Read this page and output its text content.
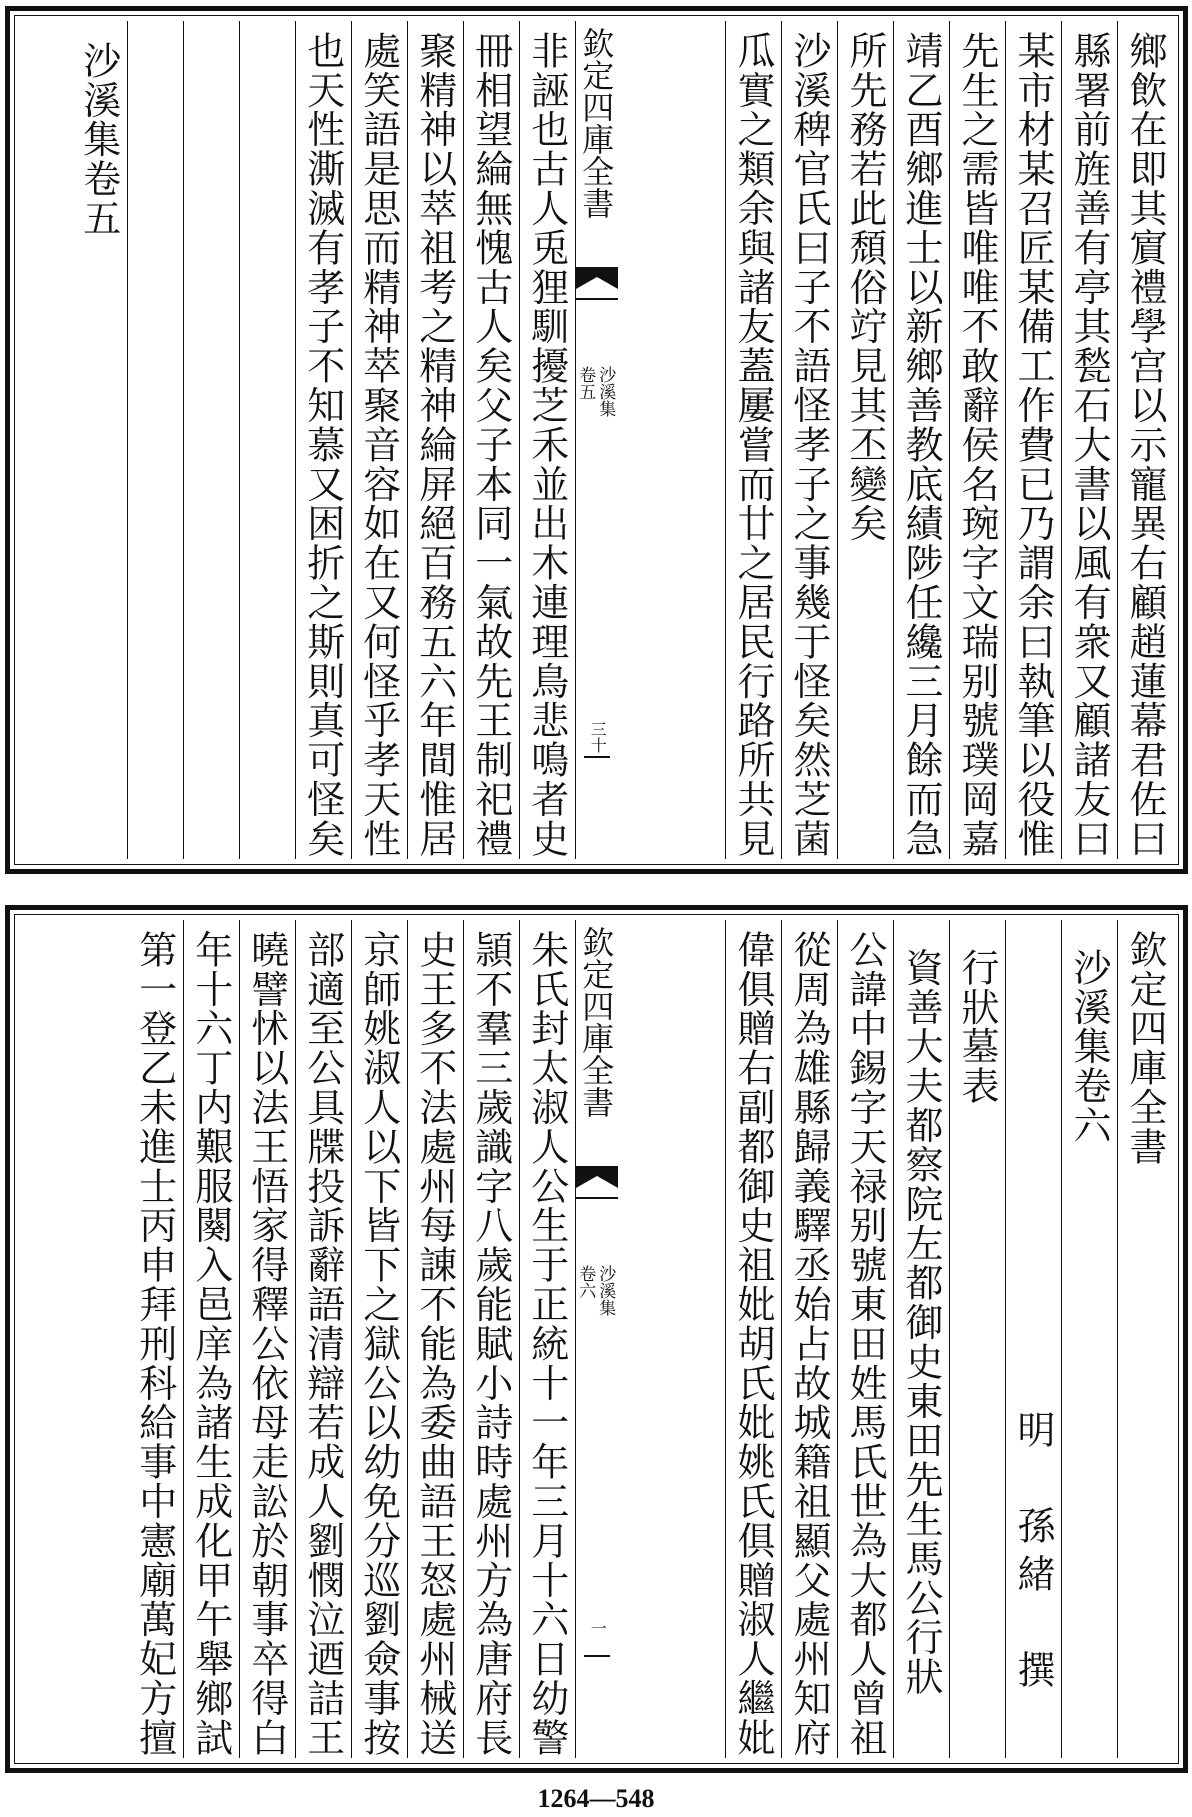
鄉飲在即其賔禮學宫以示寵異右顧趙蓮幕君佐曰
縣署前旌善有亭其甃石大書以風有衆又顧諸友曰
某市材某召匠某備工作費已乃謂余曰執筆以役惟
先生之需皆唯唯不敢辭侯名琬字文瑞别號璞岡嘉
靖乙酉鄉進士以新鄉善教底績陟任纔三月餘而急
所先務若此頹俗竚見其丕變矣
沙溪稗官氏曰子不語怪孝子之事幾于怪矣然芝菌
瓜實之類余與諸友蓋屢嘗而廿之居民行路所共見
欽定四庫全書
沙溪集
卷五
三十
非誣也古人兎狸馴擾芝禾並出木連理鳥悲鳴者史
冊相望綸無愧古人矣父子本同一氣故先王制祀禮
聚精神以萃祖考之精神綸屏絕百務五六年間惟居
處笑語是思而精神萃聚音容如在又何怪乎孝天性
也天性澌滅有孝子不知慕又困折之斯則真可怪矣
沙溪集卷五
欽定四庫全書
沙溪集卷六
明　孫緒　撰
行狀墓表
資善大夫都察院左都御史東田先生馬公行狀
公諱中錫字天禄别號東田姓馬氏世為大都人曾祖
從周為雄縣歸義驛丞始占故城籍祖顯父處州知府
偉俱贈右副都御史祖妣胡氏妣姚氏俱贈淑人繼妣
欽定四庫全書
沙溪集
卷六
一
朱氏封太淑人公生于正統十一年三月十六日幼警
頴不羣三歲識字八歲能賦小詩時處州方為唐府長
史王多不法處州每諌不能為委曲語王怒處州械送
京師姚淑人以下皆下之獄公以幼免分巡劉僉事按
部適至公具牒投訴辭語清辯若成人劉憫泣迺詰王
曉譬怵以法王悟家得釋公依母走訟於朝事卒得白
年十六丁内艱服闋入邑庠為諸生成化甲午舉鄉試
第一登乙未進士丙申拜刑科給事中憲廟萬妃方擅
1264—548
